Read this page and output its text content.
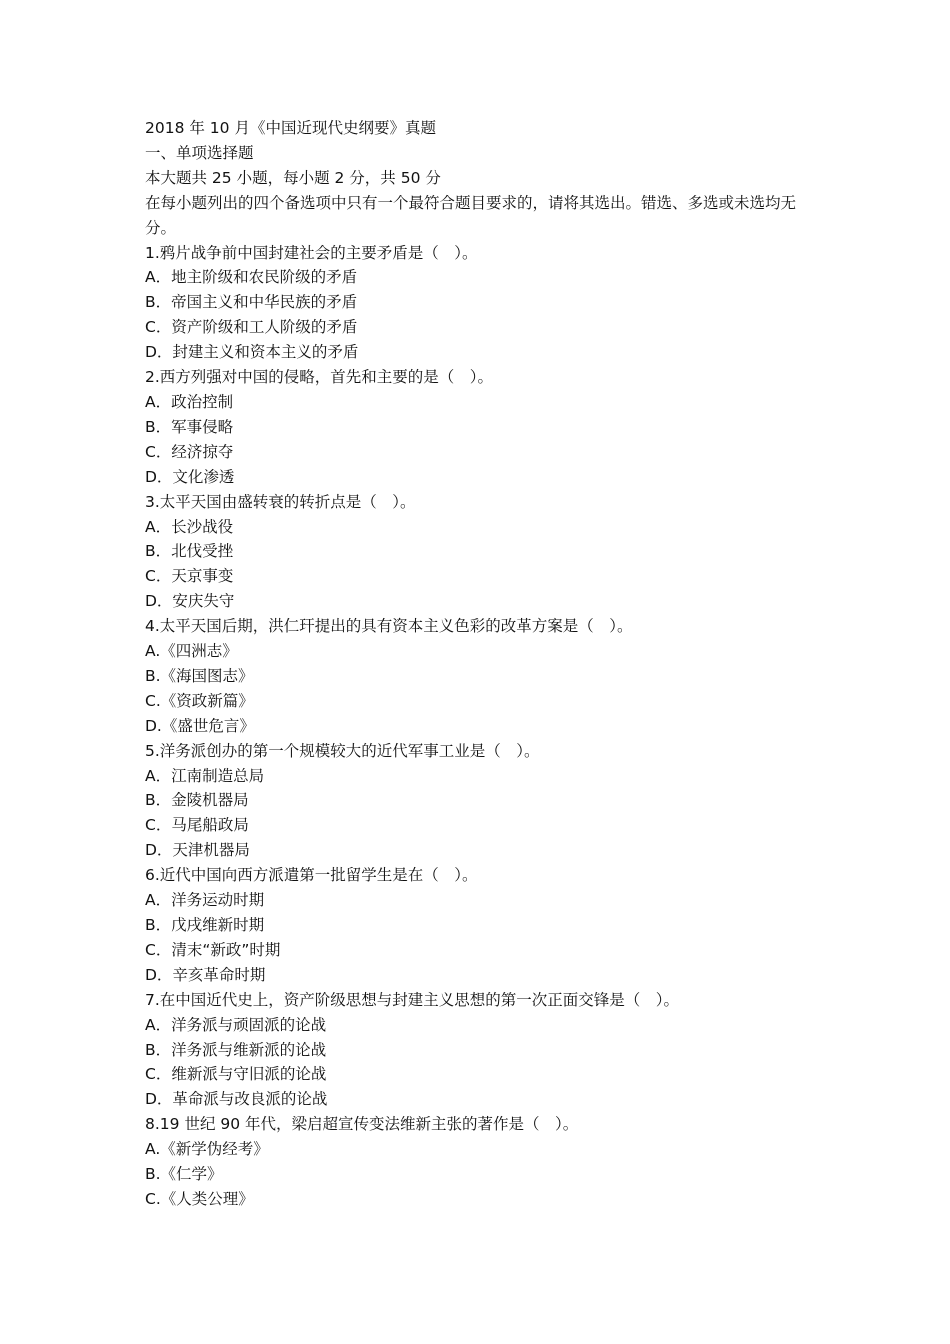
2018 年 10 月《中国近现代史纲要》真题
一、单项选择题
本大题共 25 小题，每小题 2 分，共 50 分
在每小题列出的四个备选项中只有一个最符合题目要求的，请将其选出。错选、多选或未选均无分。
1.鸦片战争前中国封建社会的主要矛盾是（　）。
A．地主阶级和农民阶级的矛盾
B．帝国主义和中华民族的矛盾
C．资产阶级和工人阶级的矛盾
D．封建主义和资本主义的矛盾
2.西方列强对中国的侵略，首先和主要的是（　）。
A．政治控制
B．军事侵略
C．经济掠夺
D．文化渗透
3.太平天国由盛转衰的转折点是（　）。
A．长沙战役
B．北伐受挫
C．天京事变
D．安庆失守
4.太平天国后期，洪仁玕提出的具有资本主义色彩的改革方案是（　）。
A.《四洲志》
B.《海国图志》
C.《资政新篇》
D.《盛世危言》
5.洋务派创办的第一个规模较大的近代军事工业是（　）。
A．江南制造总局
B．金陵机器局
C．马尾船政局
D．天津机器局
6.近代中国向西方派遣第一批留学生是在（　）。
A．洋务运动时期
B．戊戌维新时期
C．清末“新政”时期
D．辛亥革命时期
7.在中国近代史上，资产阶级思想与封建主义思想的第一次正面交锋是（　）。
A．洋务派与顽固派的论战
B．洋务派与维新派的论战
C．维新派与守旧派的论战
D．革命派与改良派的论战
8.19 世纪 90 年代，梁启超宣传变法维新主张的著作是（　）。
A.《新学伪经考》
B.《仁学》
C.《人类公理》
